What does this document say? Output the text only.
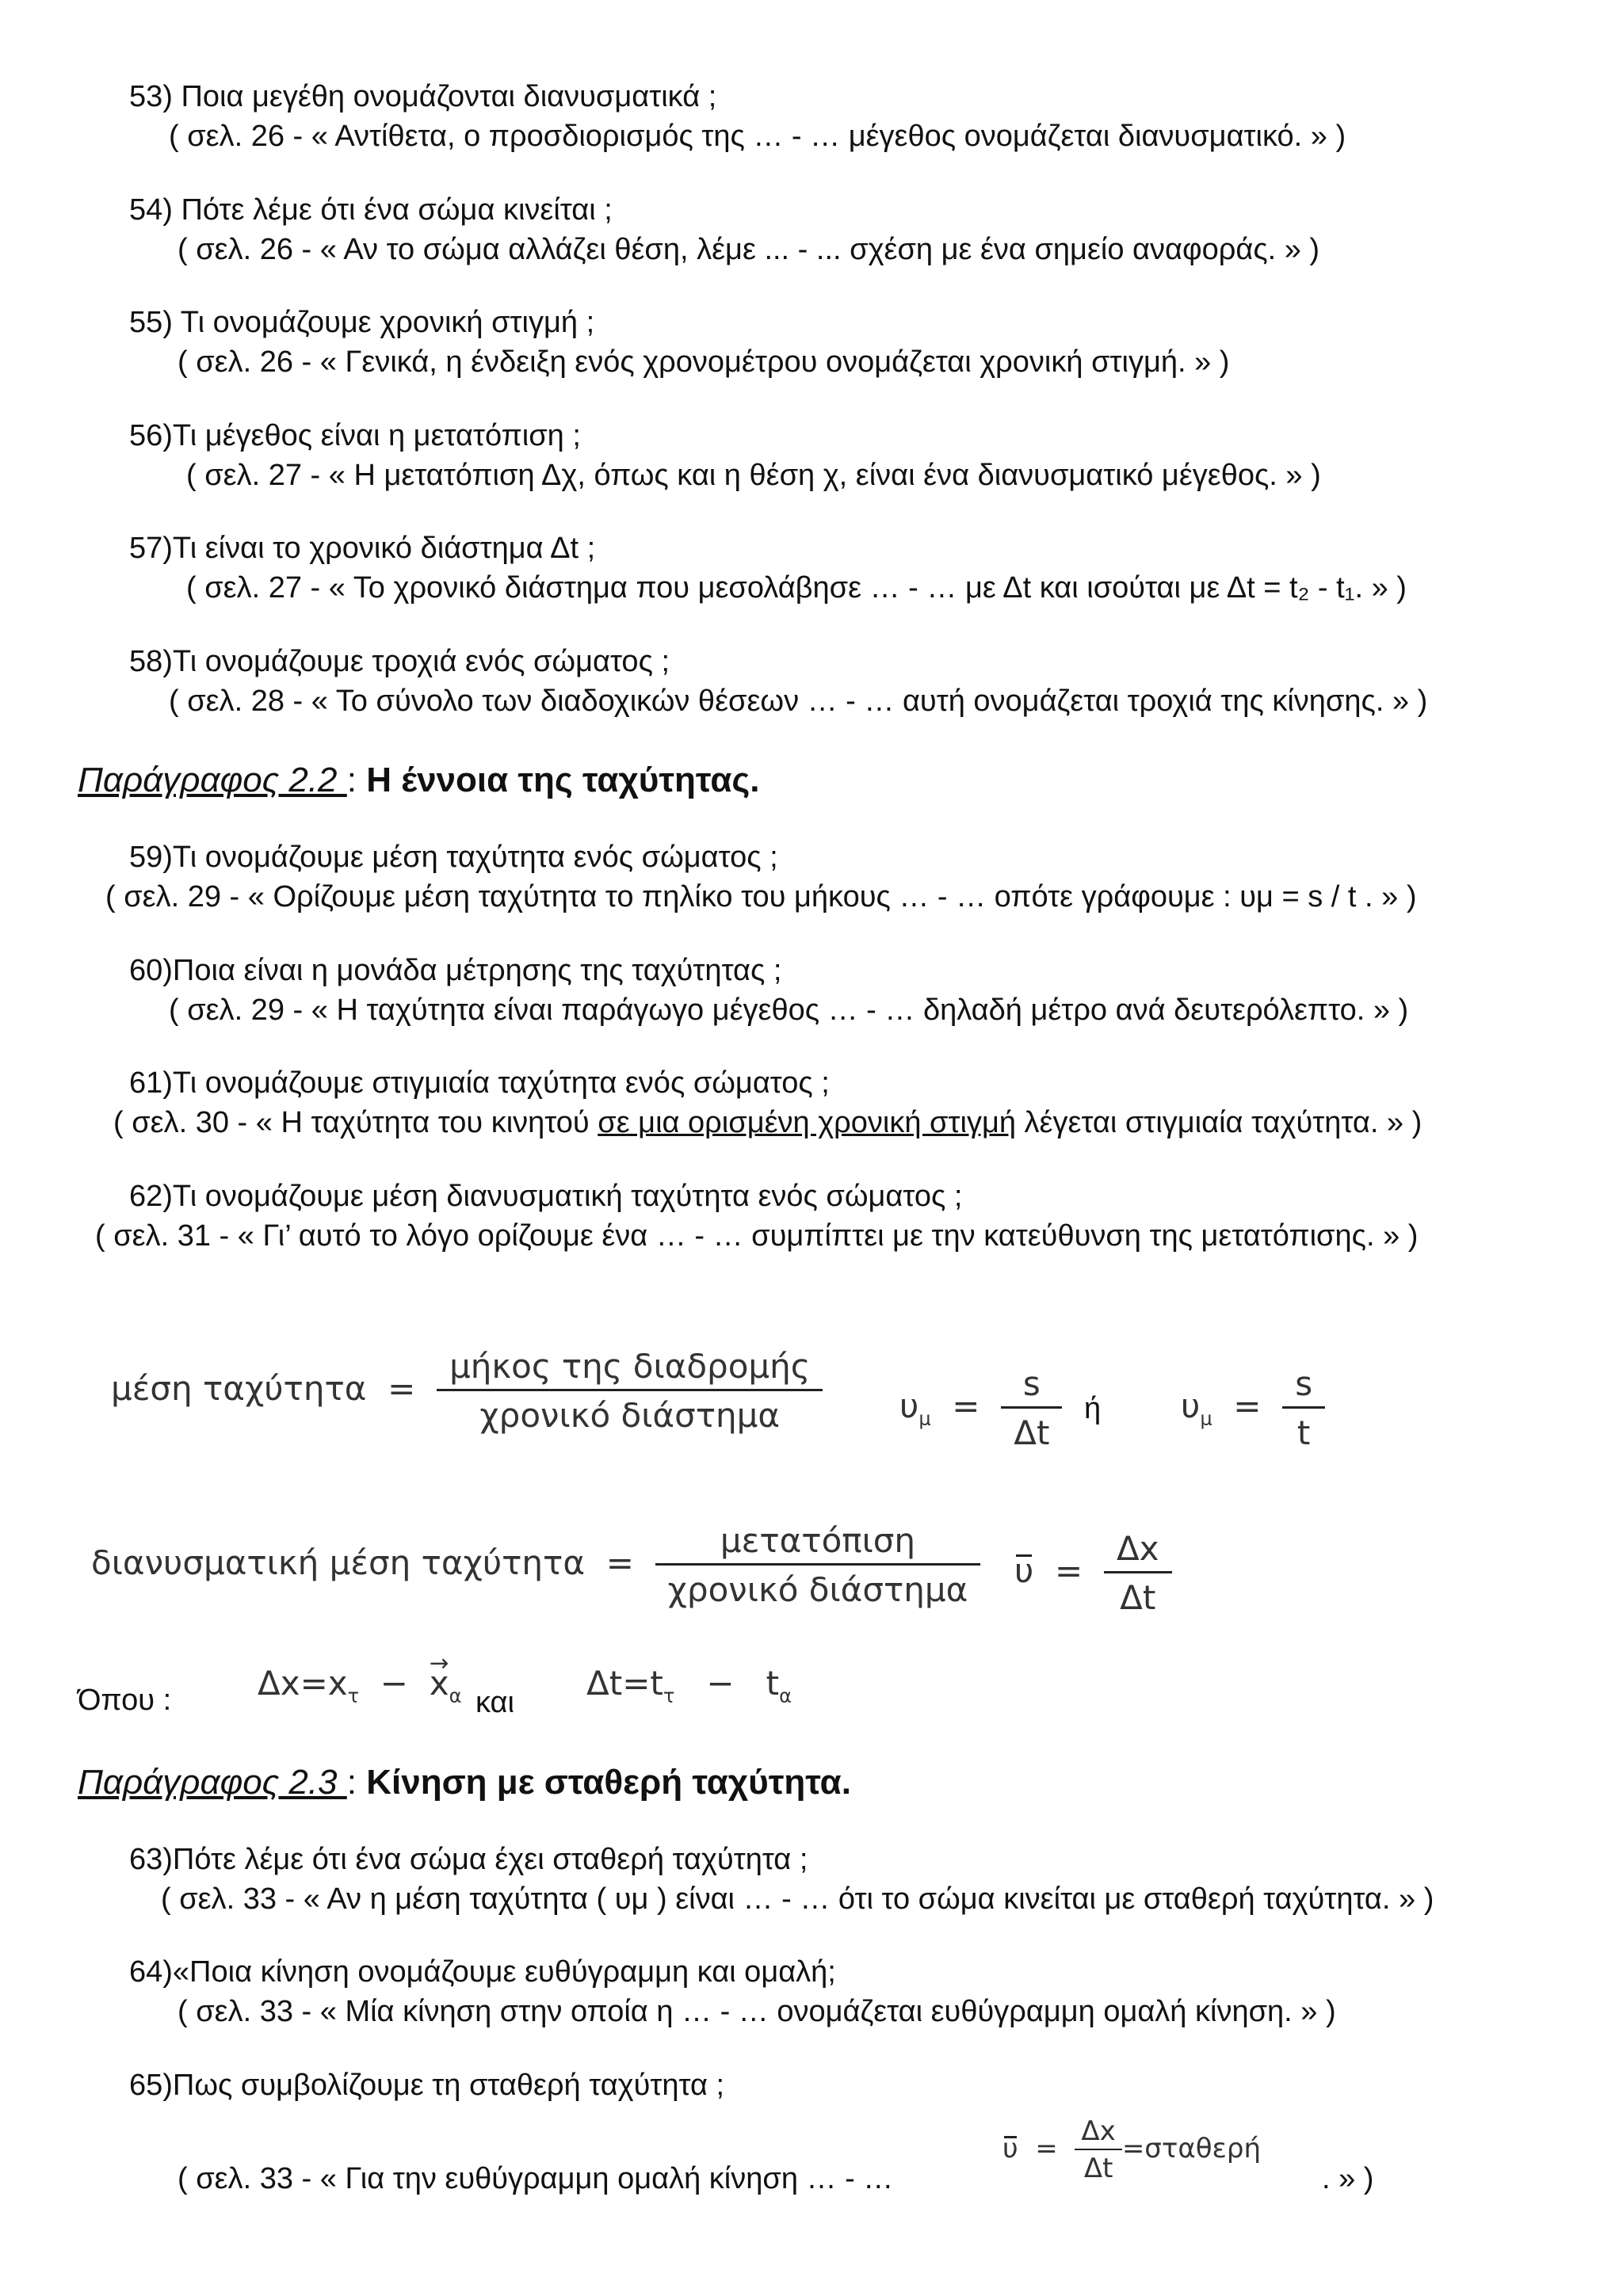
53) Ποια μεγέθη ονομάζονται διανυσματικά ;
( σελ. 26 - « Αντίθετα, ο προσδιορισμός της … - … μέγεθος ονομάζεται διανυσματικό. » )
54) Πότε λέμε ότι ένα σώμα κινείται ;
( σελ. 26 - « Αν το σώμα αλλάζει θέση, λέμε ... - ... σχέση με ένα σημείο αναφοράς. » )
55) Τι ονομάζουμε χρονική στιγμή ;
( σελ. 26 - « Γενικά, η ένδειξη ενός χρονομέτρου ονομάζεται χρονική στιγμή. » )
56)Τι μέγεθος είναι η μετατόπιση ;
( σελ. 27 - « Η μετατόπιση Δχ, όπως και η θέση χ, είναι ένα διανυσματικό μέγεθος. » )
57)Τι είναι το χρονικό διάστημα Δt ;
( σελ. 27 - « Το χρονικό διάστημα που μεσολάβησε … - … με Δt και ισούται με Δt = t₂ - t₁. » )
58)Τι ονομάζουμε τροχιά ενός σώματος ;
( σελ. 28 - « Το σύνολο των διαδοχικών θέσεων … - … αυτή ονομάζεται τροχιά της κίνησης. » )
Παράγραφος 2.2 : Η έννοια της ταχύτητας.
59)Τι ονομάζουμε μέση ταχύτητα ενός σώματος ;
( σελ. 29 - « Ορίζουμε μέση ταχύτητα το πηλίκο του μήκους … - … οπότε γράφουμε : υμ = s / t . » )
60)Ποια είναι η μονάδα μέτρησης της ταχύτητας ;
( σελ. 29 - « Η ταχύτητα είναι παράγωγο μέγεθος … - … δηλαδή μέτρο ανά δευτερόλεπτο. » )
61)Τι ονομάζουμε στιγμιαία ταχύτητα ενός σώματος ;
( σελ. 30 - « Η ταχύτητα του κινητού σε μια ορισμένη χρονική στιγμή λέγεται στιγμιαία ταχύτητα. » )
62)Τι ονομάζουμε μέση διανυσματική ταχύτητα ενός σώματος ;
( σελ. 31 - « Γι’ αυτό το λόγο ορίζουμε ένα … - … συμπίπτει με την κατεύθυνση της μετατόπισης. » )
μέση $\tau\alpha\chi ύ\tau\eta\tau\alpha = \frac{\text{μήκος της διαδρομής}}{\text{χρονικό διάστημα}} \upsilon_\mu = \frac{s}{\Delta t}$ ή $\upsilon_\mu = \frac{s}{t}$
διανυσματική μέση $\tau\alpha\chi ύ\tau\eta\tau\alpha = \frac{\text{μετατόπιση}}{\text{χρονικό διάστημα}}$ $\upsilon = \frac{\Delta x}{\Delta t}$
Όπου :	$\Delta x=x_\tau$  −  → $x_\alpha$ και $\Delta t=t_\tau - t_\alpha$
Παράγραφος 2.3 : Κίνηση με σταθερή ταχύτητα.
63)Πότε λέμε ότι ένα σώμα έχει σταθερή ταχύτητα ;
( σελ. 33 - « Αν η μέση ταχύτητα ( υμ ) είναι … - … ότι το σώμα κινείται με σταθερή ταχύτητα. » )
64)«Ποια κίνηση ονομάζουμε ευθύγραμμη και ομαλή;
( σελ. 33 - « Μία κίνηση στην οποία η … - … ονομάζεται ευθύγραμμη ομαλή κίνηση. » )
65)Πως συμβολίζουμε τη σταθερή ταχύτητα ;
( σελ. 33 - « Για την ευθύγραμμη ομαλή κίνηση … - …
$\upsilon = \frac{\Delta x}{\Delta t} =\sigma\tau\alpha\theta\varepsilon\rho ή$
. » )
